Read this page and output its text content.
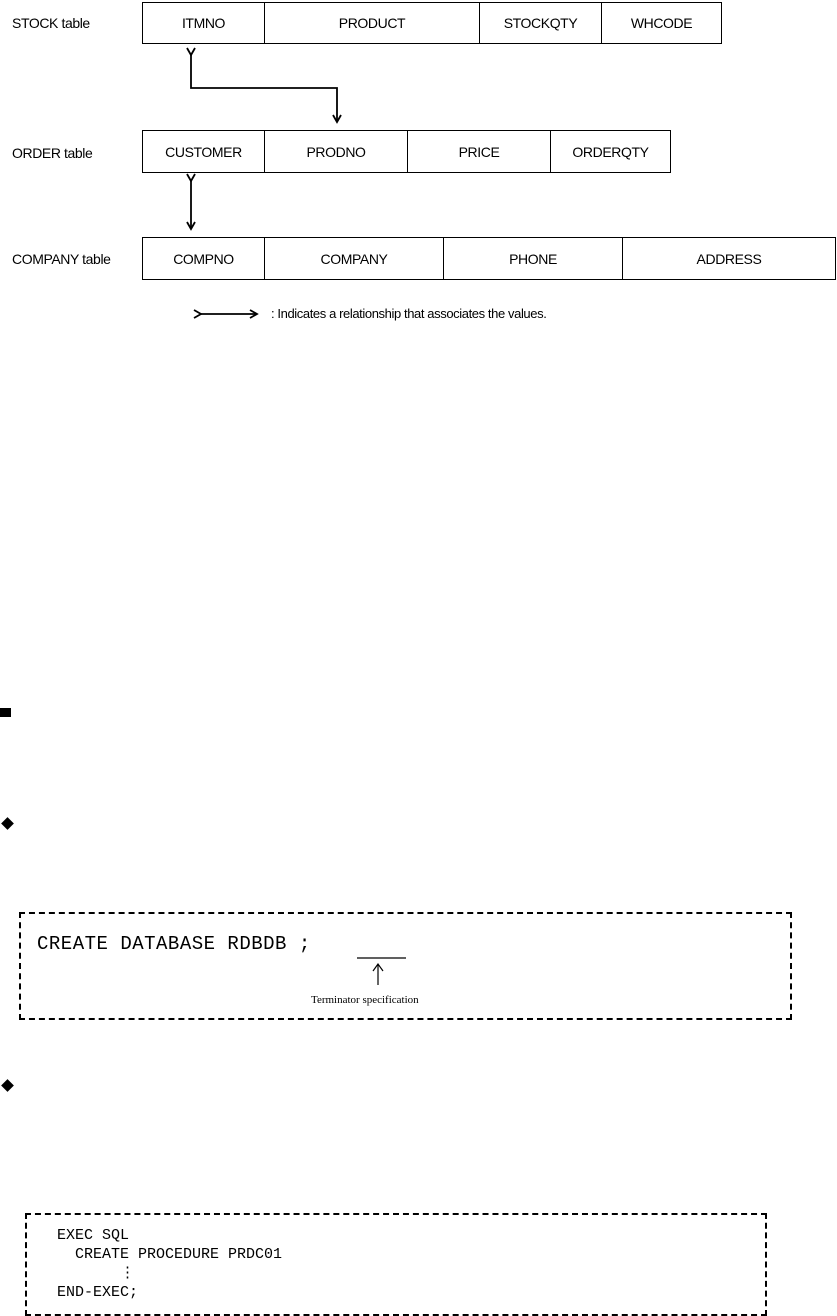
STOCK table	ITMNO	PRODUCT	STOCKQTY	WHCODE
ORDER table	CUSTOMER	PRODNO	PRICE	ORDERQTY
COMPANY table	COMPNO	COMPANY	PHONE	ADDRESS
: Indicates a relationship that associates the values.
CREATE DATABASE RDBDB ;
Terminator specification
EXEC SQL
CREATE PROCEDURE PRDC01
⋮
END-EXEC;
